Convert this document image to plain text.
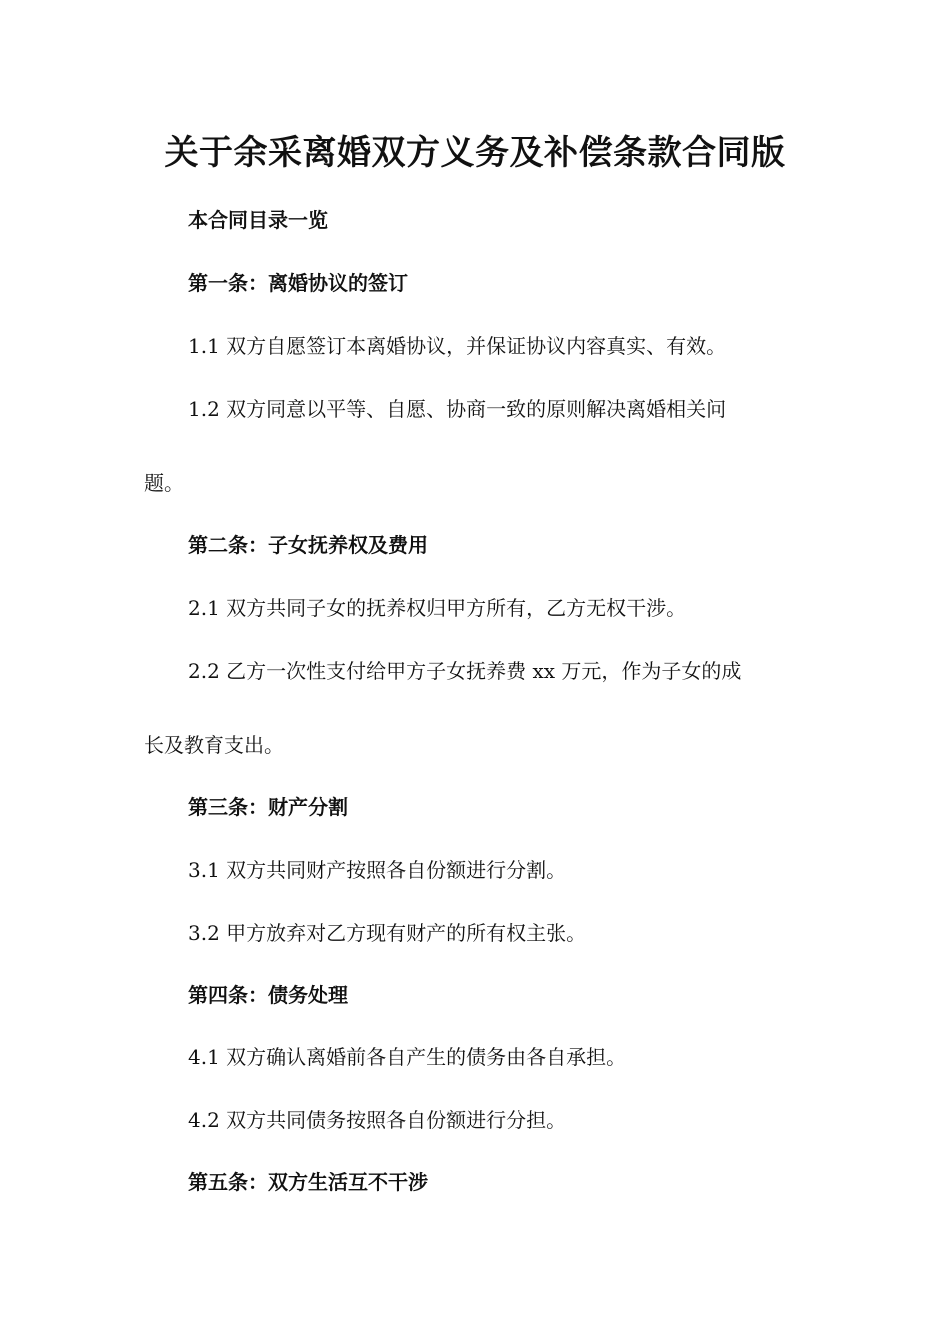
关于余采离婚双方义务及补偿条款合同版

本合同目录一览

第一条：离婚协议的签订

1.1 双方自愿签订本离婚协议，并保证协议内容真实、有效。

1.2 双方同意以平等、自愿、协商一致的原则解决离婚相关问

题。

第二条：子女抚养权及费用

2.1 双方共同子女的抚养权归甲方所有，乙方无权干涉。

2.2 乙方一次性支付给甲方子女抚养费 xx 万元，作为子女的成

长及教育支出。

第三条：财产分割

3.1 双方共同财产按照各自份额进行分割。

3.2 甲方放弃对乙方现有财产的所有权主张。

第四条：债务处理

4.1 双方确认离婚前各自产生的债务由各自承担。

4.2 双方共同债务按照各自份额进行分担。

第五条：双方生活互不干涉
